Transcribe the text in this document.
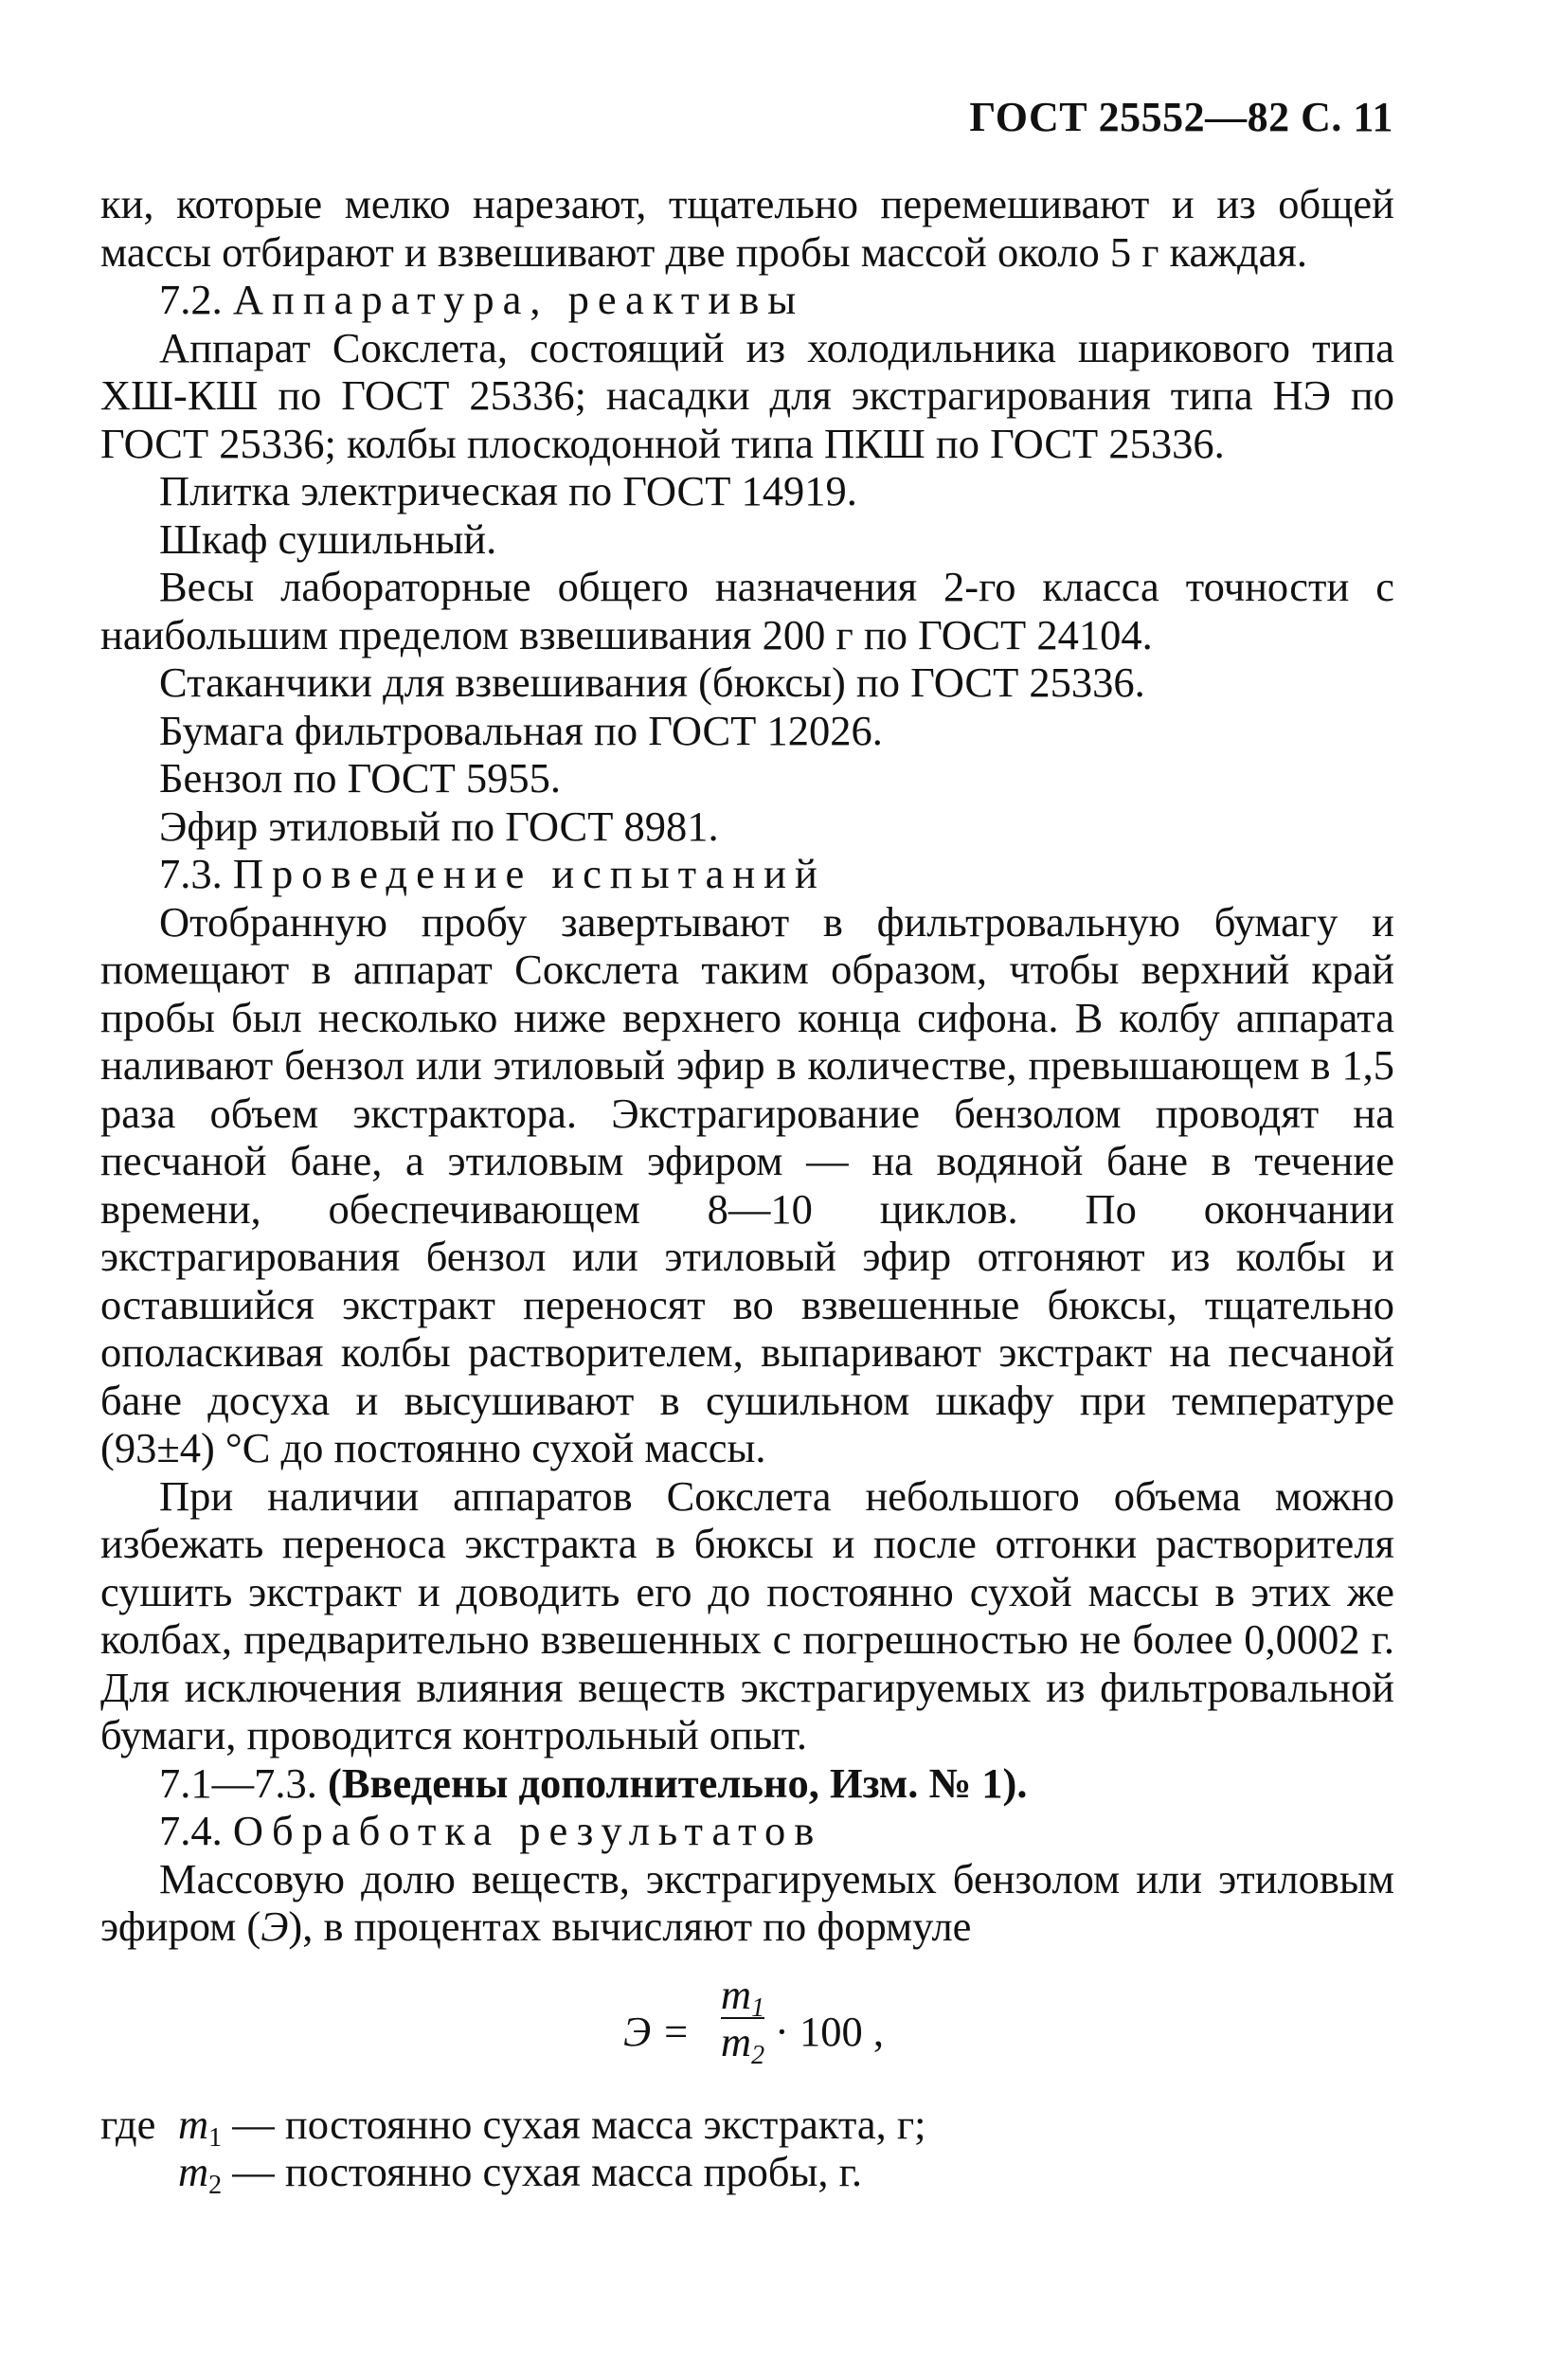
ГОСТ 25552—82 С. 11

ки, которые мелко нарезают, тщательно перемешивают и из общей массы отбирают и взвешивают две пробы массой около 5 г каждая.

7.2. Аппаратура, реактивы

Аппарат Сокслета, состоящий из холодильника шарикового типа ХШ-КШ по ГОСТ 25336; насадки для экстрагирования типа НЭ по ГОСТ 25336; колбы плоскодонной типа ПКШ по ГОСТ 25336.

Плитка электрическая по ГОСТ 14919.

Шкаф сушильный.

Весы лабораторные общего назначения 2-го класса точности с наибольшим пределом взвешивания 200 г по ГОСТ 24104.

Стаканчики для взвешивания (бюксы) по ГОСТ 25336.

Бумага фильтровальная по ГОСТ 12026.

Бензол по ГОСТ 5955.

Эфир этиловый по ГОСТ 8981.

7.3. Проведение испытаний

Отобранную пробу завертывают в фильтровальную бумагу и помещают в аппарат Сокслета таким образом, чтобы верхний край пробы был несколько ниже верхнего конца сифона. В колбу аппарата наливают бензол или этиловый эфир в количестве, превышающем в 1,5 раза объем экстрактора. Экстрагирование бензолом проводят на песчаной бане, а этиловым эфиром — на водяной бане в течение времени, обеспечивающем 8—10 циклов. По окончании экстрагирования бензол или этиловый эфир отгоняют из колбы и оставшийся экстракт переносят во взвешенные бюксы, тщательно ополаскивая колбы растворителем, выпаривают экстракт на песчаной бане досуха и высушивают в сушильном шкафу при температуре (93±4) °С до постоянно сухой массы.

При наличии аппаратов Сокслета небольшого объема можно избежать переноса экстракта в бюксы и после отгонки растворителя сушить экстракт и доводить его до постоянно сухой массы в этих же колбах, предварительно взвешенных с погрешностью не более 0,0002 г. Для исключения влияния веществ экстрагируемых из фильтровальной бумаги, проводится контрольный опыт.

7.1—7.3. (Введены дополнительно, Изм. № 1).

7.4. Обработка результатов

Массовую долю веществ, экстрагируемых бензолом или этиловым эфиром (Э), в процентах вычисляют по формуле

Э =
$m_1$
$m_2$
· 100 ,
где $m_1$ — постоянно сухая масса экстракта, г;
$m_2$ — постоянно сухая масса пробы, г.
